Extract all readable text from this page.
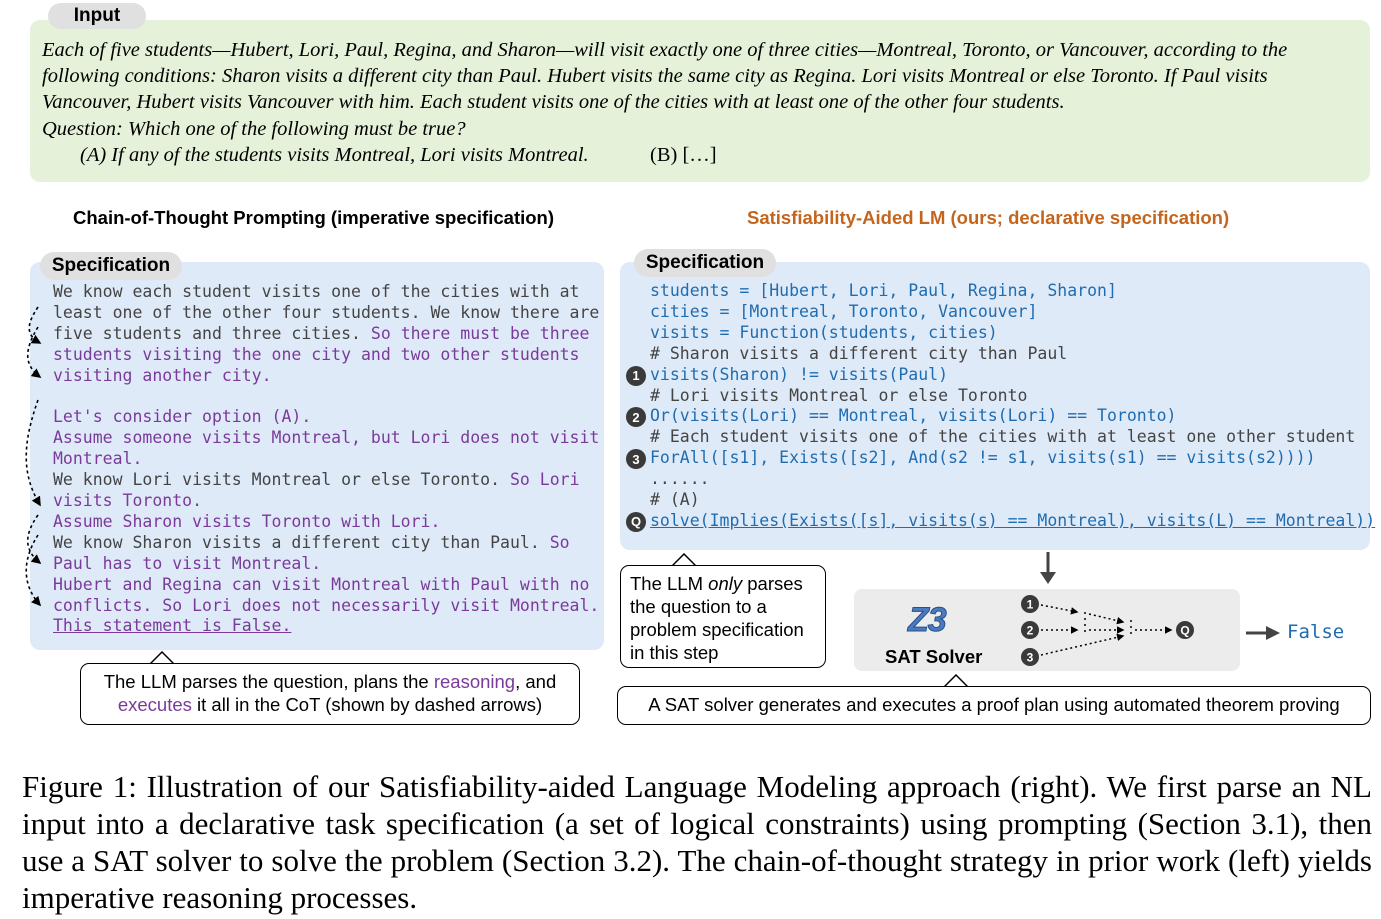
Input
Each of five students—Hubert, Lori, Paul, Regina, and Sharon—will visit exactly one of three cities—Montreal, Toronto, or Vancouver, according to the
following conditions: Sharon visits a different city than Paul. Hubert visits the same city as Regina. Lori visits Montreal or else Toronto. If Paul visits
Vancouver, Hubert visits Vancouver with him. Each student visits one of the cities with at least one of the other four students.
Question: Which one of the following must be true?
(A) If any of the students visits Montreal, Lori visits Montreal.	(B) […]
Chain-of-Thought Prompting (imperative specification)	Satisfiability-Aided LM (ours; declarative specification)
Specification
We know each student visits one of the cities with at
least one of the other four students. We know there are
five students and three cities. So there must be three
students visiting the one city and two other students
visiting another city.
Let's consider option (A).
Assume someone visits Montreal, but Lori does not visit
Montreal.
We know Lori visits Montreal or else Toronto. So Lori
visits Toronto.
Assume Sharon visits Toronto with Lori.
We know Sharon visits a different city than Paul. So
Paul has to visit Montreal.
Hubert and Regina can visit Montreal with Paul with no
conflicts. So Lori does not necessarily visit Montreal.
This statement is False.
The LLM parses the question, plans the reasoning, and
executes it all in the CoT (shown by dashed arrows)
Specification
students = [Hubert, Lori, Paul, Regina, Sharon]
cities = [Montreal, Toronto, Vancouver]
visits = Function(students, cities)
# Sharon visits a different city than Paul
visits(Sharon) != visits(Paul)
1
# Lori visits Montreal or else Toronto
Or(visits(Lori) == Montreal, visits(Lori) == Toronto)
2
# Each student visits one of the cities with at least one other student
ForAll([s1], Exists([s2], And(s2 != s1, visits(s1) == visits(s2))))
3
......
# (A)
solve(Implies(Exists([s], visits(s) == Montreal), visits(L) == Montreal))
Q
The LLM only parses the question to a problem specification in this step
Z3
SAT Solver
1
2
3
Q	False
A SAT solver generates and executes a proof plan using automated theorem proving
Figure 1: Illustration of our Satisfiability-aided Language Modeling approach (right). We first parse an NL input into a declarative task specification (a set of logical constraints) using prompting (Section 3.1), then use a SAT solver to solve the problem (Section 3.2). The chain-of-thought strategy in prior work (left) yields imperative reasoning processes.
